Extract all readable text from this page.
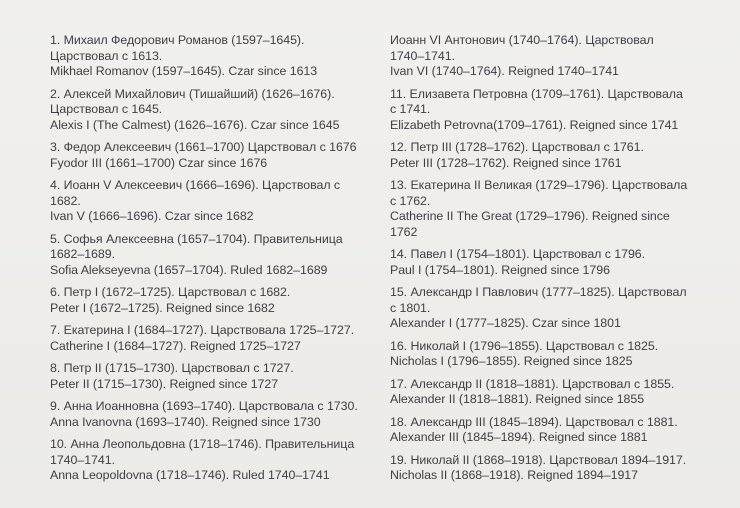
1. Михаил Федорович Романов (1597–1645).
Царствовал с 1613.
Mikhael Romanov (1597–1645). Czar since 1613
2. Алексей Михайлович (Тишайший) (1626–1676).
Царствовал с 1645.
Alexis I (The Calmest) (1626–1676). Czar since 1645
3. Федор Алексеевич (1661–1700) Царствовал с 1676
Fyodor III (1661–1700) Czar since 1676
4. Иоанн V Алексеевич (1666–1696). Царствовал с
1682.
Ivan V (1666–1696). Czar since 1682
5. Софья Алексеевна (1657–1704). Правительница
1682–1689.
Sofia Alekseyevna (1657–1704). Ruled 1682–1689
6. Петр I (1672–1725). Царствовал с 1682.
Peter I (1672–1725). Reigned since 1682
7. Екатерина I (1684–1727). Царствовала 1725–1727.
Catherine I (1684–1727). Reigned 1725–1727
8. Петр II (1715–1730). Царствовал с 1727.
Peter II (1715–1730). Reigned since 1727
9. Анна Иоанновна (1693–1740). Царствовала с 1730.
Anna Ivanovna (1693–1740). Reigned since 1730
10. Анна Леопольдовна (1718–1746). Правительница
1740–1741.
Anna Leopoldovna (1718–1746). Ruled 1740–1741
Иоанн VI Антонович (1740–1764). Царствовал
1740–1741.
Ivan VI (1740–1764). Reigned 1740–1741
11. Елизавета Петровна (1709–1761). Царствовала
с 1741.
Elizabeth Petrovna(1709–1761). Reigned since 1741
12. Петр III (1728–1762). Царствовал с 1761.
Peter III (1728–1762). Reigned since 1761
13. Екатерина II Великая (1729–1796). Царствовала
с 1762.
Catherine II The Great (1729–1796). Reigned since
1762
14. Павел I (1754–1801). Царствовал с 1796.
Paul I (1754–1801). Reigned since 1796
15. Александр I Павлович (1777–1825). Царствовал
с 1801.
Alexander I (1777–1825). Czar since 1801
16. Николай I (1796–1855). Царствовал с 1825.
Nicholas I (1796–1855). Reigned since 1825
17. Александр II (1818–1881). Царствовал с 1855.
Alexander II (1818–1881). Reigned since 1855
18. Александр III (1845–1894). Царствовал с 1881.
Alexander III (1845–1894). Reigned since 1881
19. Николай II (1868–1918). Царствовал 1894–1917.
Nicholas II (1868–1918). Reigned 1894–1917
